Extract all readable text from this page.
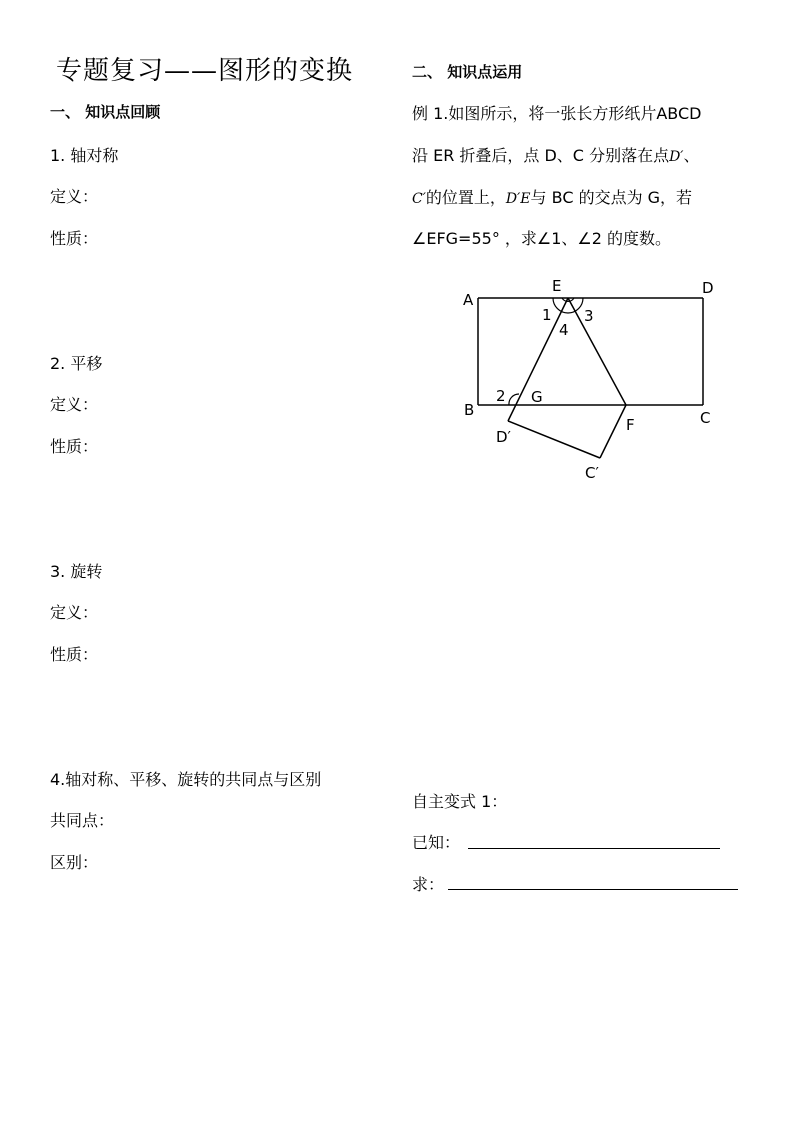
专题复习——图形的变换
一、 知识点回顾
1. 轴对称
定义：
性质：
2. 平移
定义：
性质：
3. 旋转
定义：
性质：
4.轴对称、平移、旋转的共同点与区别
共同点：
区别：
二、 知识点运用
例 1.如图所示，将一张长方形纸片ABCD
沿 ER 折叠后，点 D、C 分别落在点D′、
C′的位置上，D′E与 BC 的交点为 G，若
∠EFG=55° ，求∠1、∠2 的度数。
A
E	D
B	C
G
F
D′
C′
1 3
4
2
自主变式 1：
已知：
求：
